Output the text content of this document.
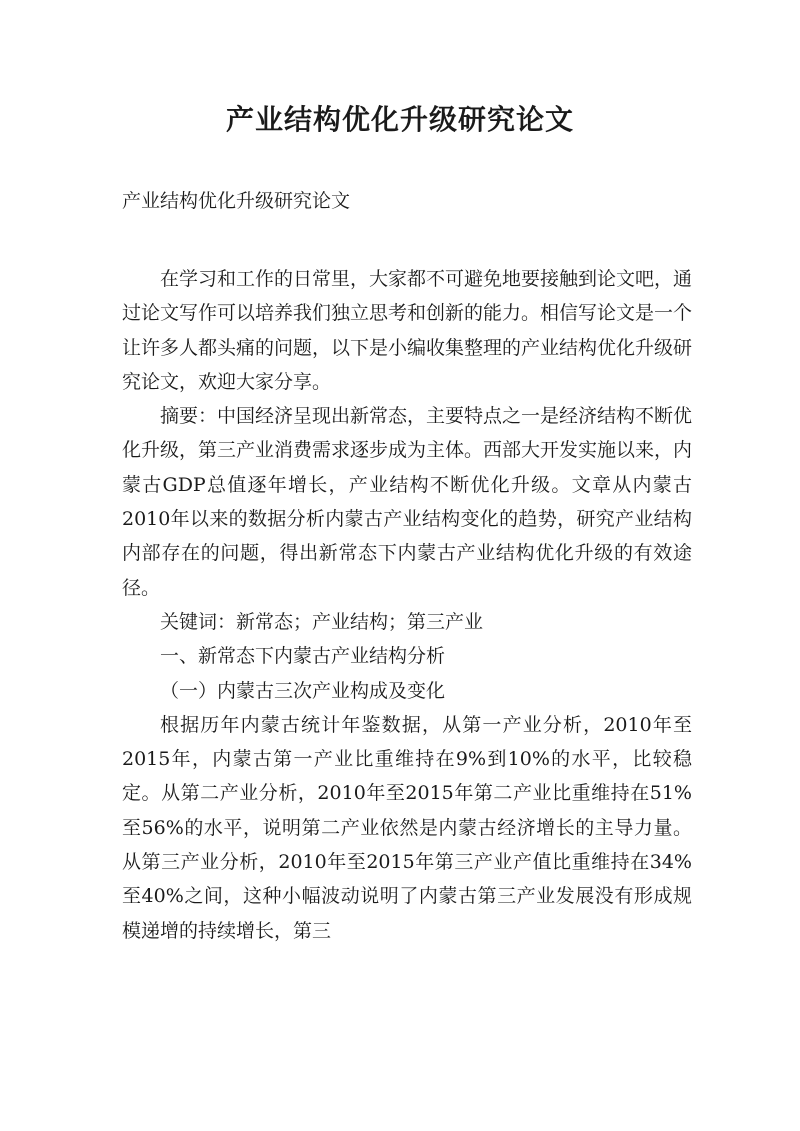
产业结构优化升级研究论文
产业结构优化升级研究论文

在学习和工作的日常里，大家都不可避免地要接触到论文吧，通过论文写作可以培养我们独立思考和创新的能力。相信写论文是一个让许多人都头痛的问题，以下是小编收集整理的产业结构优化升级研究论文，欢迎大家分享。

摘要：中国经济呈现出新常态，主要特点之一是经济结构不断优化升级，第三产业消费需求逐步成为主体。西部大开发实施以来，内蒙古GDP总值逐年增长，产业结构不断优化升级。文章从内蒙古2010年以来的数据分析内蒙古产业结构变化的趋势，研究产业结构内部存在的问题，得出新常态下内蒙古产业结构优化升级的有效途径。

关键词：新常态；产业结构；第三产业

一、新常态下内蒙古产业结构分析

（一）内蒙古三次产业构成及变化

根据历年内蒙古统计年鉴数据，从第一产业分析，2010年至2015年，内蒙古第一产业比重维持在9%到10%的水平，比较稳定。从第二产业分析，2010年至2015年第二产业比重维持在51%至56%的水平，说明第二产业依然是内蒙古经济增长的主导力量。从第三产业分析，2010年至2015年第三产业产值比重维持在34%至40%之间，这种小幅波动说明了内蒙古第三产业发展没有形成规模递增的持续增长，第三
